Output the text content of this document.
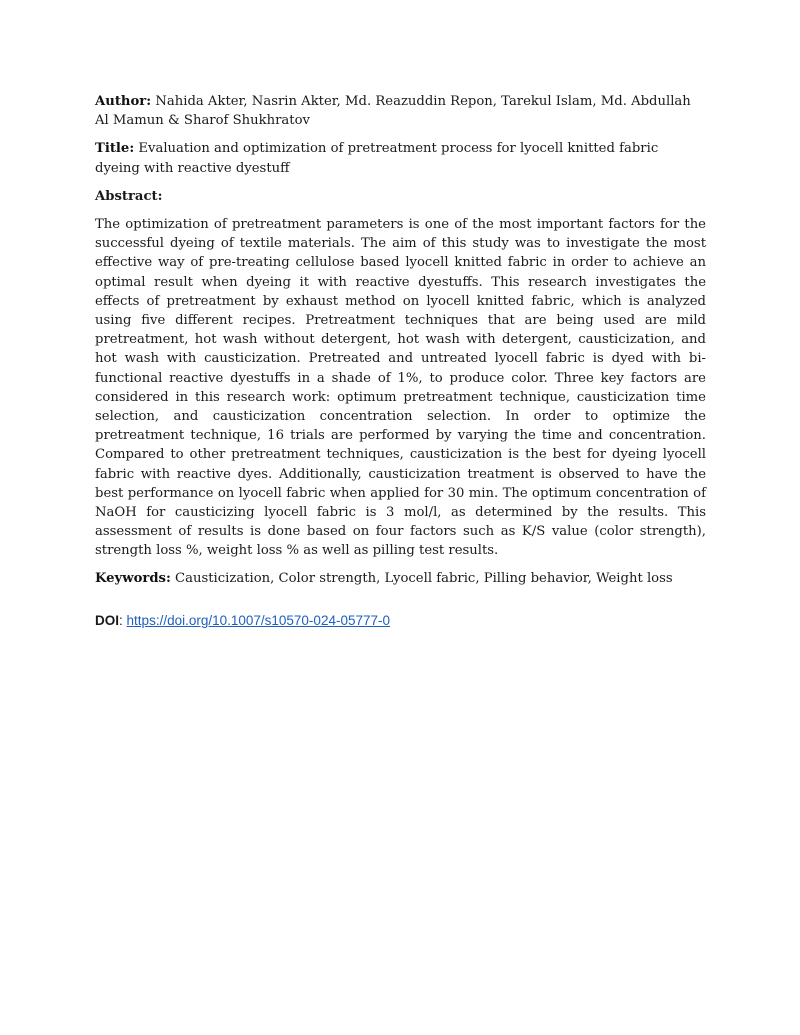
Author: Nahida Akter, Nasrin Akter, Md. Reazuddin Repon, Tarekul Islam, Md. Abdullah Al Mamun & Sharof Shukhratov

Title: Evaluation and optimization of pretreatment process for lyocell knitted fabric dyeing with reactive dyestuff

Abstract:

The optimization of pretreatment parameters is one of the most important factors for the successful dyeing of textile materials. The aim of this study was to investigate the most effective way of pre-treating cellulose based lyocell knitted fabric in order to achieve an optimal result when dyeing it with reactive dyestuffs. This research investigates the effects of pretreatment by exhaust method on lyocell knitted fabric, which is analyzed using five different recipes. Pretreatment techniques that are being used are mild pretreatment, hot wash without detergent, hot wash with detergent, causticization, and hot wash with causticization. Pretreated and untreated lyocell fabric is dyed with bi-functional reactive dyestuffs in a shade of 1%, to produce color. Three key factors are considered in this research work: optimum pretreatment technique, causticization time selection, and causticization concentration selection. In order to optimize the pretreatment technique, 16 trials are performed by varying the time and concentration. Compared to other pretreatment techniques, causticization is the best for dyeing lyocell fabric with reactive dyes. Additionally, causticization treatment is observed to have the best performance on lyocell fabric when applied for 30 min. The optimum concentration of NaOH for causticizing lyocell fabric is 3 mol/l, as determined by the results. This assessment of results is done based on four factors such as K/S value (color strength), strength loss %, weight loss % as well as pilling test results.

Keywords: Causticization, Color strength, Lyocell fabric, Pilling behavior, Weight loss

DOI: https://doi.org/10.1007/s10570-024-05777-0
